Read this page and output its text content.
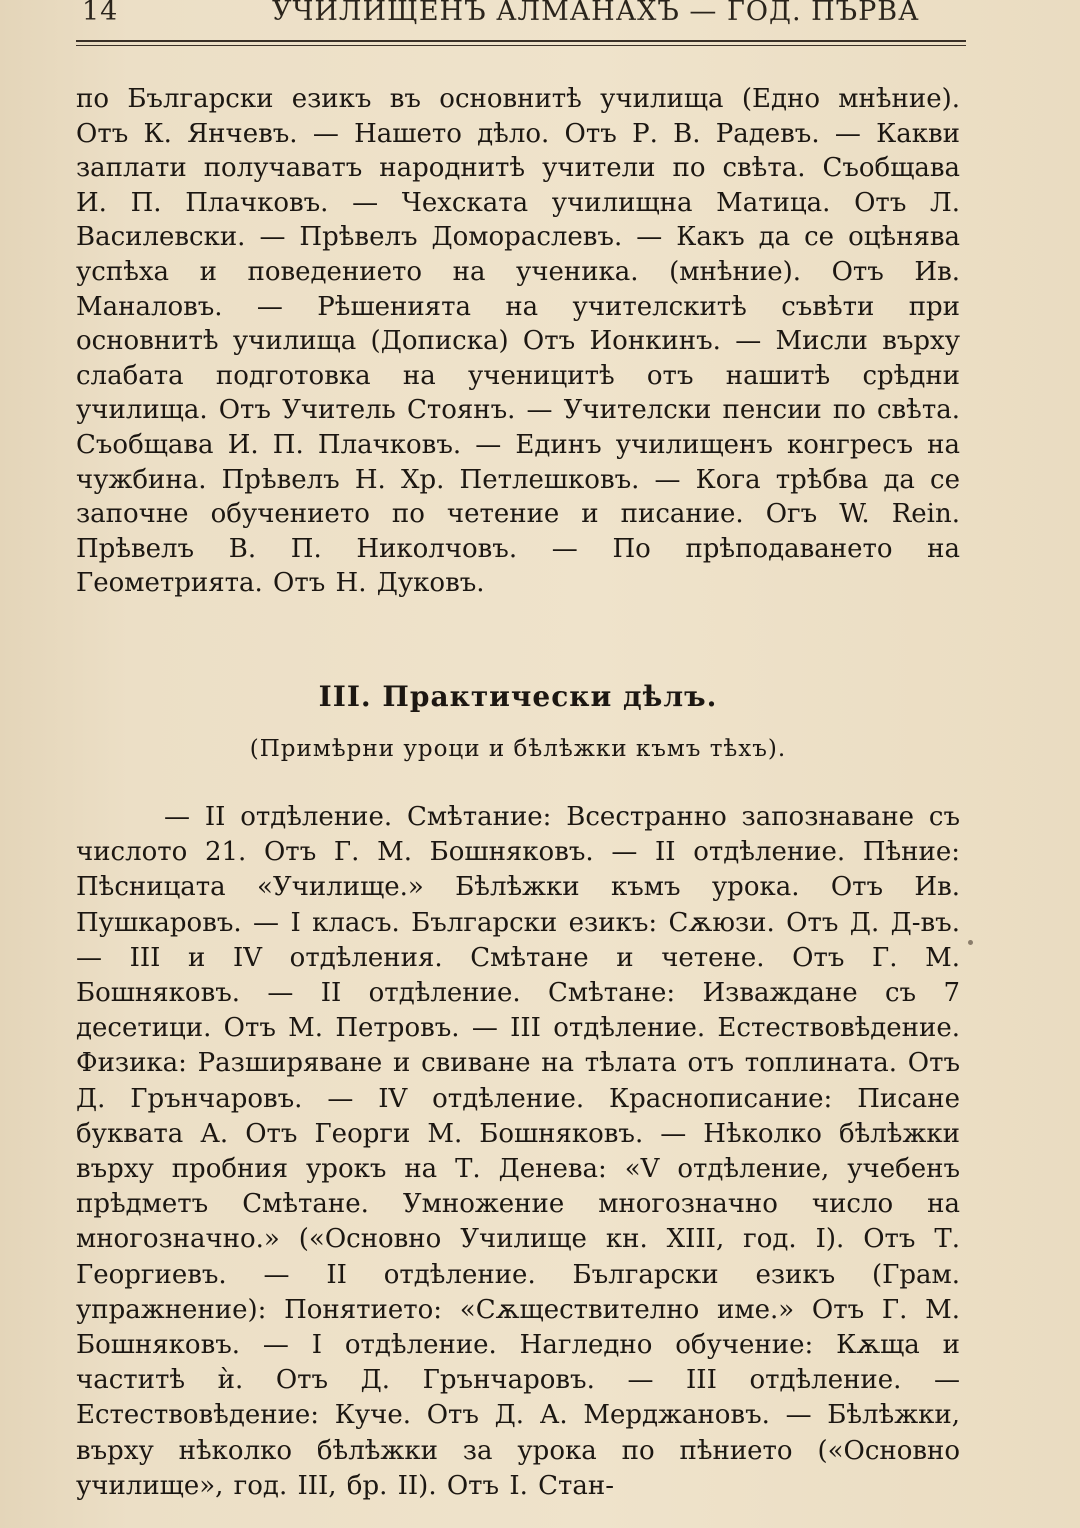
14	УЧИЛИЩЕНЪ АЛМАНАХЪ — ГОД. ПЪРВА

по Български езикъ въ основнитѣ училища (Едно мнѣние). Отъ К. Янчевъ. — Нашето дѣло. Отъ Р. В. Радевъ. — Какви заплати получаватъ народнитѣ учители по свѣта. Съобщава И. П. Плачковъ. — Чехската училищна Матица. Отъ Л. Василевски. — Прѣвелъ Домораслевъ. — Какъ да се оцѣнява успѣха и поведението на ученика. (мнѣние). Отъ Ив. Маналовъ. — Рѣшенията на учителскитѣ съвѣти при основнитѣ училища (Дописка) Отъ Ионкинъ. — Мисли върху слабата подготовка на ученицитѣ отъ нашитѣ срѣдни училища. Отъ Учитель Стоянъ. — Учителски пенсии по свѣта. Съобщава И. П. Плачковъ. — Единъ училищенъ конгресъ на чужбина. Прѣвелъ Н. Хр. Петлешковъ. — Кога трѣбва да се започне обучението по четение и писание. Огъ W. Rein. Прѣвелъ В. П. Николчовъ. — По прѣподаването на Геометрията. Отъ Н. Дуковъ.

III. Практически дѣлъ.
(Примѣрни уроци и бѣлѣжки къмъ тѣхъ).

— II отдѣление. Смѣтание: Всестранно запознаване съ числото 21. Отъ Г. М. Бошняковъ. — II отдѣление. Пѣние: Пѣсницата «Училище.» Бѣлѣжки къмъ урока. Отъ Ив. Пушкаровъ. — I класъ. Български езикъ: Сѫюзи. Отъ Д. Д-въ. — III и IV отдѣления. Смѣтане и четене. Отъ Г. М. Бошняковъ. — II отдѣление. Смѣтане: Изваждане съ 7 десетици. Отъ М. Петровъ. — III отдѣление. Естествовѣдение. Физика: Разширяване и свиване на тѣлата отъ топлината. Отъ Д. Грънчаровъ. — IV отдѣление. Краснописание: Писане буквата А. Отъ Георги М. Бошняковъ. — Нѣколко бѣлѣжки върху пробния урокъ на Т. Денева: «V отдѣление, учебенъ прѣдметъ Смѣтане. Умножение многозначно число на многозначно.» («Основно Училище кн. XIII, год. I). Отъ Т. Георгиевъ. — II отдѣление. Български езикъ (Грам. упражнение): Понятието: «Сѫществително име.» Отъ Г. М. Бошняковъ. — I отдѣление. Нагледно обучение: Кѫща и частитѣ ѝ. Отъ Д. Грънчаровъ. — III отдѣление. — Естествовѣдение: Куче. Отъ Д. А. Мерджановъ. — Бѣлѣжки, върху нѣколко бѣлѣжки за урока по пѣнието («Основно училище», год. III, бр. II). Отъ I. Стан-
